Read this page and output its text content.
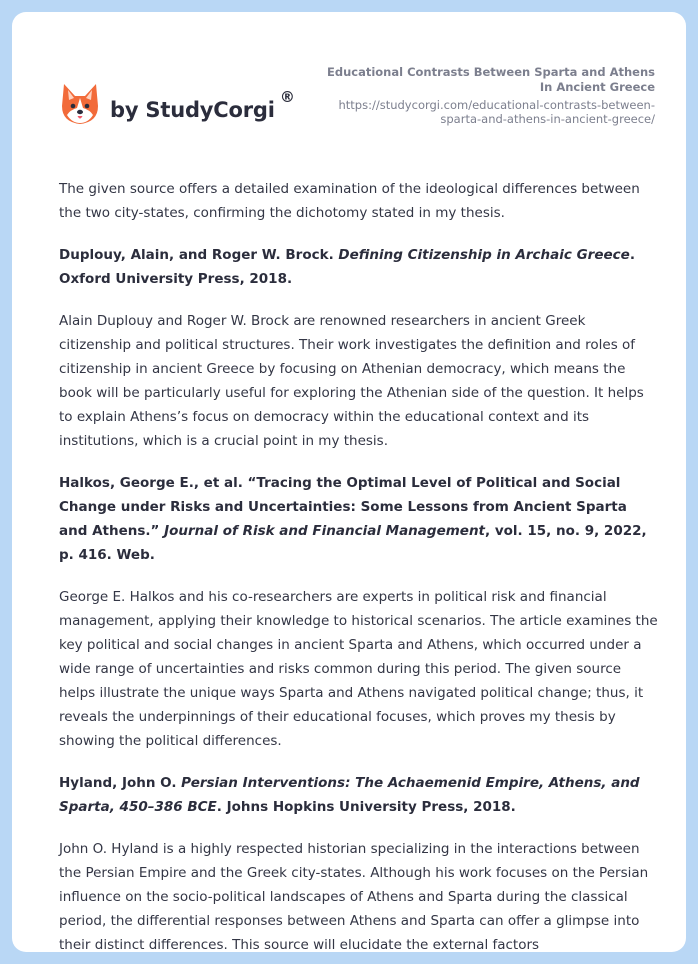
by StudyCorgi
®
Educational Contrasts Between Sparta and Athens In Ancient Greece
https://studycorgi.com/educational-contrasts-between-sparta-and-athens-in-ancient-greece/

The given source offers a detailed examination of the ideological differences between the two city-states, confirming the dichotomy stated in my thesis.

Duplouy, Alain, and Roger W. Brock. Defining Citizenship in Archaic Greece. Oxford University Press, 2018.

Alain Duplouy and Roger W. Brock are renowned researchers in ancient Greek citizenship and political structures. Their work investigates the definition and roles of citizenship in ancient Greece by focusing on Athenian democracy, which means the book will be particularly useful for exploring the Athenian side of the question. It helps to explain Athens’s focus on democracy within the educational context and its institutions, which is a crucial point in my thesis.

Halkos, George E., et al. “Tracing the Optimal Level of Political and Social Change under Risks and Uncertainties: Some Lessons from Ancient Sparta and Athens.” Journal of Risk and Financial Management, vol. 15, no. 9, 2022, p. 416. Web.

George E. Halkos and his co-researchers are experts in political risk and financial management, applying their knowledge to historical scenarios. The article examines the key political and social changes in ancient Sparta and Athens, which occurred under a wide range of uncertainties and risks common during this period. The given source helps illustrate the unique ways Sparta and Athens navigated political change; thus, it reveals the underpinnings of their educational focuses, which proves my thesis by showing the political differences.

Hyland, John O. Persian Interventions: The Achaemenid Empire, Athens, and Sparta, 450–386 BCE. Johns Hopkins University Press, 2018.

John O. Hyland is a highly respected historian specializing in the interactions between the Persian Empire and the Greek city-states. Although his work focuses on the Persian influence on the socio-political landscapes of Athens and Sparta during the classical period, the differential responses between Athens and Sparta can offer a glimpse into their distinct differences. This source will elucidate the external factors
